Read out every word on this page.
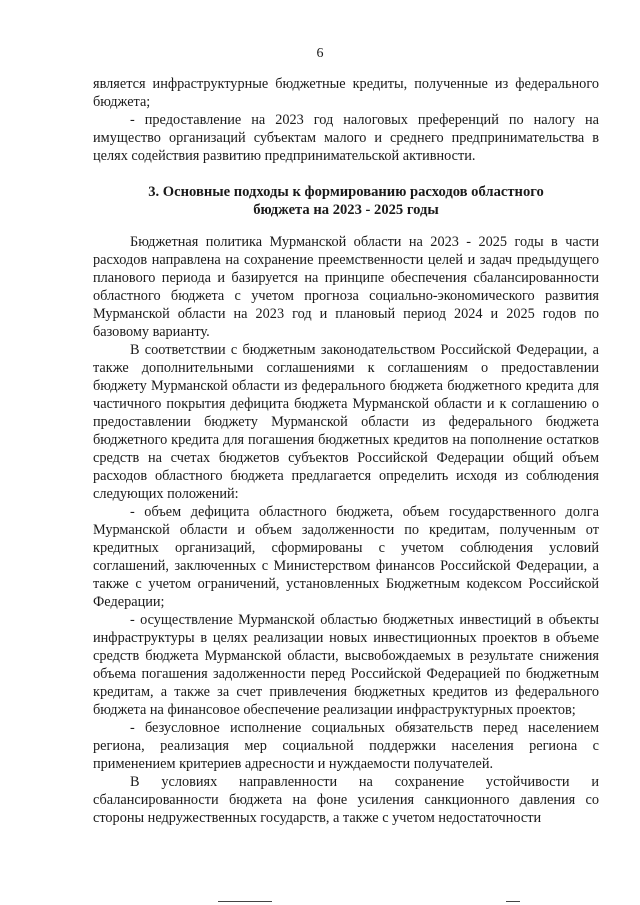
6

является инфраструктурные бюджетные кредиты, полученные из федерального бюджета;

- предоставление на 2023 год налоговых преференций по налогу на имущество организаций субъектам малого и среднего предпринимательства в целях содействия развитию предпринимательской активности.

3. Основные подходы к формированию расходов областного
бюджета на 2023 - 2025 годы

Бюджетная политика Мурманской области на 2023 - 2025 годы в части расходов направлена на сохранение преемственности целей и задач предыдущего планового периода и базируется на принципе обеспечения сбалансированности областного бюджета с учетом прогноза социально-экономического развития Мурманской области на 2023 год и плановый период 2024 и 2025 годов по базовому варианту.

В соответствии с бюджетным законодательством Российской Федерации, а также дополнительными соглашениями к соглашениям о предоставлении бюджету Мурманской области из федерального бюджета бюджетного кредита для частичного покрытия дефицита бюджета Мурманской области и к соглашению о предоставлении бюджету Мурманской области из федерального бюджета бюджетного кредита для погашения бюджетных кредитов на пополнение остатков средств на счетах бюджетов субъектов Российской Федерации общий объем расходов областного бюджета предлагается определить исходя из соблюдения следующих положений:

- объем дефицита областного бюджета, объем государственного долга Мурманской области и объем задолженности по кредитам, полученным от кредитных организаций, сформированы с учетом соблюдения условий соглашений, заключенных с Министерством финансов Российской Федерации, а также с учетом ограничений, установленных Бюджетным кодексом Российской Федерации;

- осуществление Мурманской областью бюджетных инвестиций в объекты инфраструктуры в целях реализации новых инвестиционных проектов в объеме средств бюджета Мурманской области, высвобождаемых в результате снижения объема погашения задолженности перед Российской Федерацией по бюджетным кредитам, а также за счет привлечения бюджетных кредитов из федерального бюджета на финансовое обеспечение реализации инфраструктурных проектов;

- безусловное исполнение социальных обязательств перед населением региона, реализация мер социальной поддержки населения региона с применением критериев адресности и нуждаемости получателей.

В условиях направленности на сохранение устойчивости и сбалансированности бюджета на фоне усиления санкционного давления со стороны недружественных государств, а также с учетом недостаточности
